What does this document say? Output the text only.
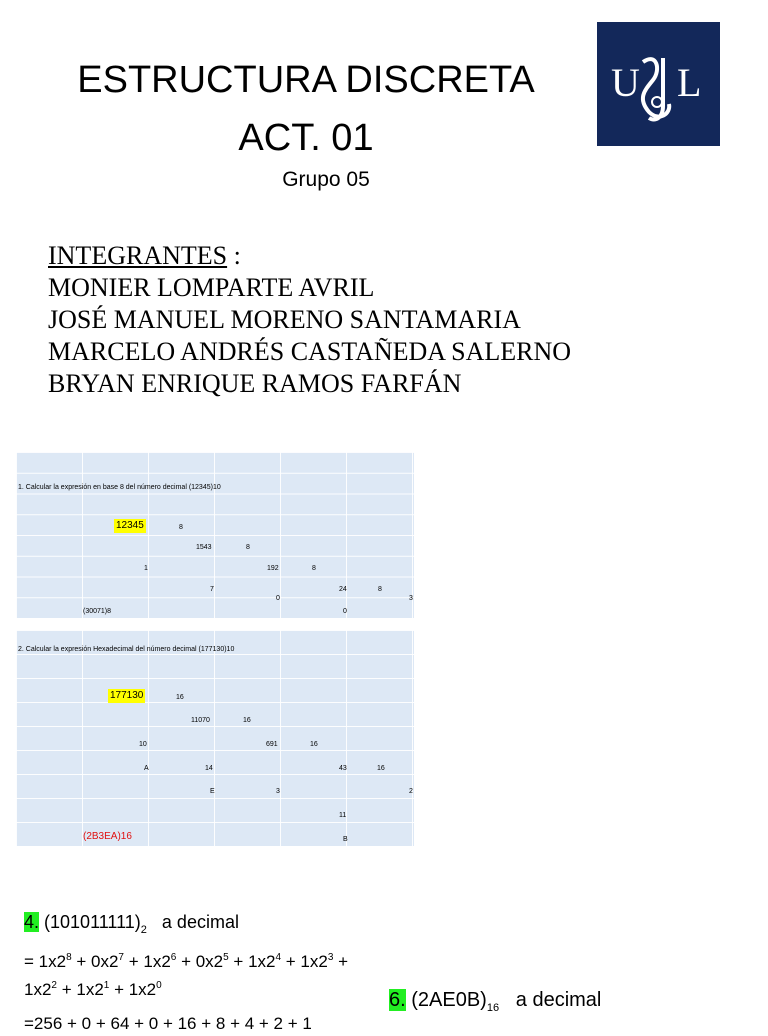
ESTRUCTURA DISCRETA
ACT. 01
Grupo 05
U L
INTEGRANTES :
MONIER LOMPARTE AVRIL
JOSÉ MANUEL MORENO SANTAMARIA
MARCELO ANDRÉS CASTAÑEDA SALERNO
BRYAN ENRIQUE RAMOS FARFÁN
1. Calcular la expresión en base 8 del número decimal (12345)10
12345	8
1543	8
1	192	8
7	24	8
0	3
(30071)8	0
2. Calcular la expresión Hexadecimal del número decimal (177130)10
177130	16
11070	16
10	691	16
A	14	43	16
E	3	2
11
(2B3EA)16	B
4. $(101011111)_2$ a decimal
= $1x2^8 + 0x2^7 + 1x2^6 + 0x2^5 + 1x2^4 + 1x2^3$ +
$1x2^2 + 1x2^1 + 1x2^0$
=256 + 0 + 64 + 0 + 16 + 8 + 4 + 2 + 1
6. $(2AE0B)_{16}$ a decimal
